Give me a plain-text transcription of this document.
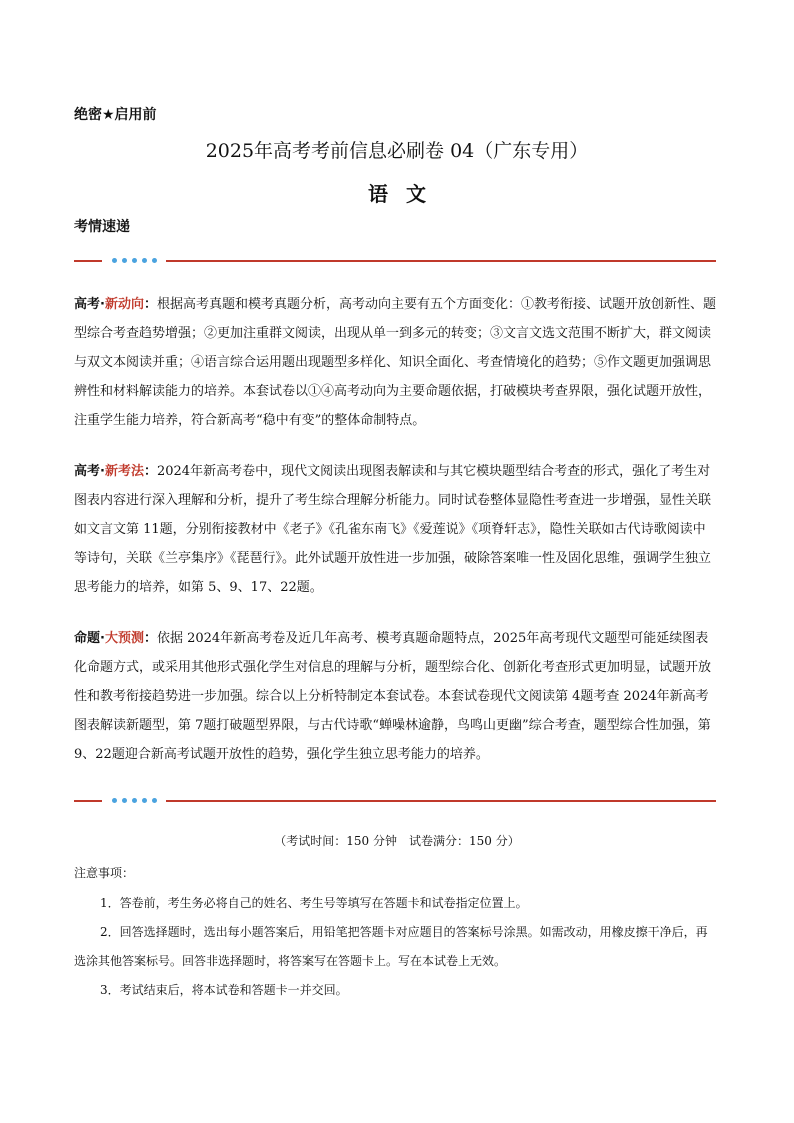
绝密★启用前
2025年高考考前信息必刷卷 04（广东专用）
语文
考情速递
高考·新动向：根据高考真题和模考真题分析，高考动向主要有五个方面变化：①教考衔接、试题开放创新性、题型综合考查趋势增强；②更加注重群文阅读，出现从单一到多元的转变；③文言文选文范围不断扩大，群文阅读与双文本阅读并重；④语言综合运用题出现题型多样化、知识全面化、考查情境化的趋势；⑤作文题更加强调思辨性和材料解读能力的培养。本套试卷以①④高考动向为主要命题依据，打破模块考查界限，强化试题开放性，注重学生能力培养，符合新高考“稳中有变”的整体命制特点。
高考·新考法：2024年新高考卷中，现代文阅读出现图表解读和与其它模块题型结合考查的形式，强化了考生对图表内容进行深入理解和分析，提升了考生综合理解分析能力。同时试卷整体显隐性考查进一步增强，显性关联如文言文第 11题，分别衔接教材中《老子》《孔雀东南飞》《爱莲说》《项脊轩志》，隐性关联如古代诗歌阅读中等诗句，关联《兰亭集序》《琵琶行》。此外试题开放性进一步加强，破除答案唯一性及固化思维，强调学生独立思考能力的培养，如第 5、9、17、22题。
命题·大预测：依据 2024年新高考卷及近几年高考、模考真题命题特点，2025年高考现代文题型可能延续图表化命题方式，或采用其他形式强化学生对信息的理解与分析，题型综合化、创新化考查形式更加明显，试题开放性和教考衔接趋势进一步加强。综合以上分析特制定本套试卷。本套试卷现代文阅读第 4题考查 2024年新高考图表解读新题型，第 7题打破题型界限，与古代诗歌“蝉噪林逾静，鸟鸣山更幽”综合考查，题型综合性加强，第 9、22题迎合新高考试题开放性的趋势，强化学生独立思考能力的培养。
（考试时间：150 分钟　试卷满分：150 分）
注意事项：
1．答卷前，考生务必将自己的姓名、考生号等填写在答题卡和试卷指定位置上。
2．回答选择题时，选出每小题答案后，用铅笔把答题卡对应题目的答案标号涂黑。如需改动，用橡皮擦干净后，再选涂其他答案标号。回答非选择题时，将答案写在答题卡上。写在本试卷上无效。
3．考试结束后，将本试卷和答题卡一并交回。
